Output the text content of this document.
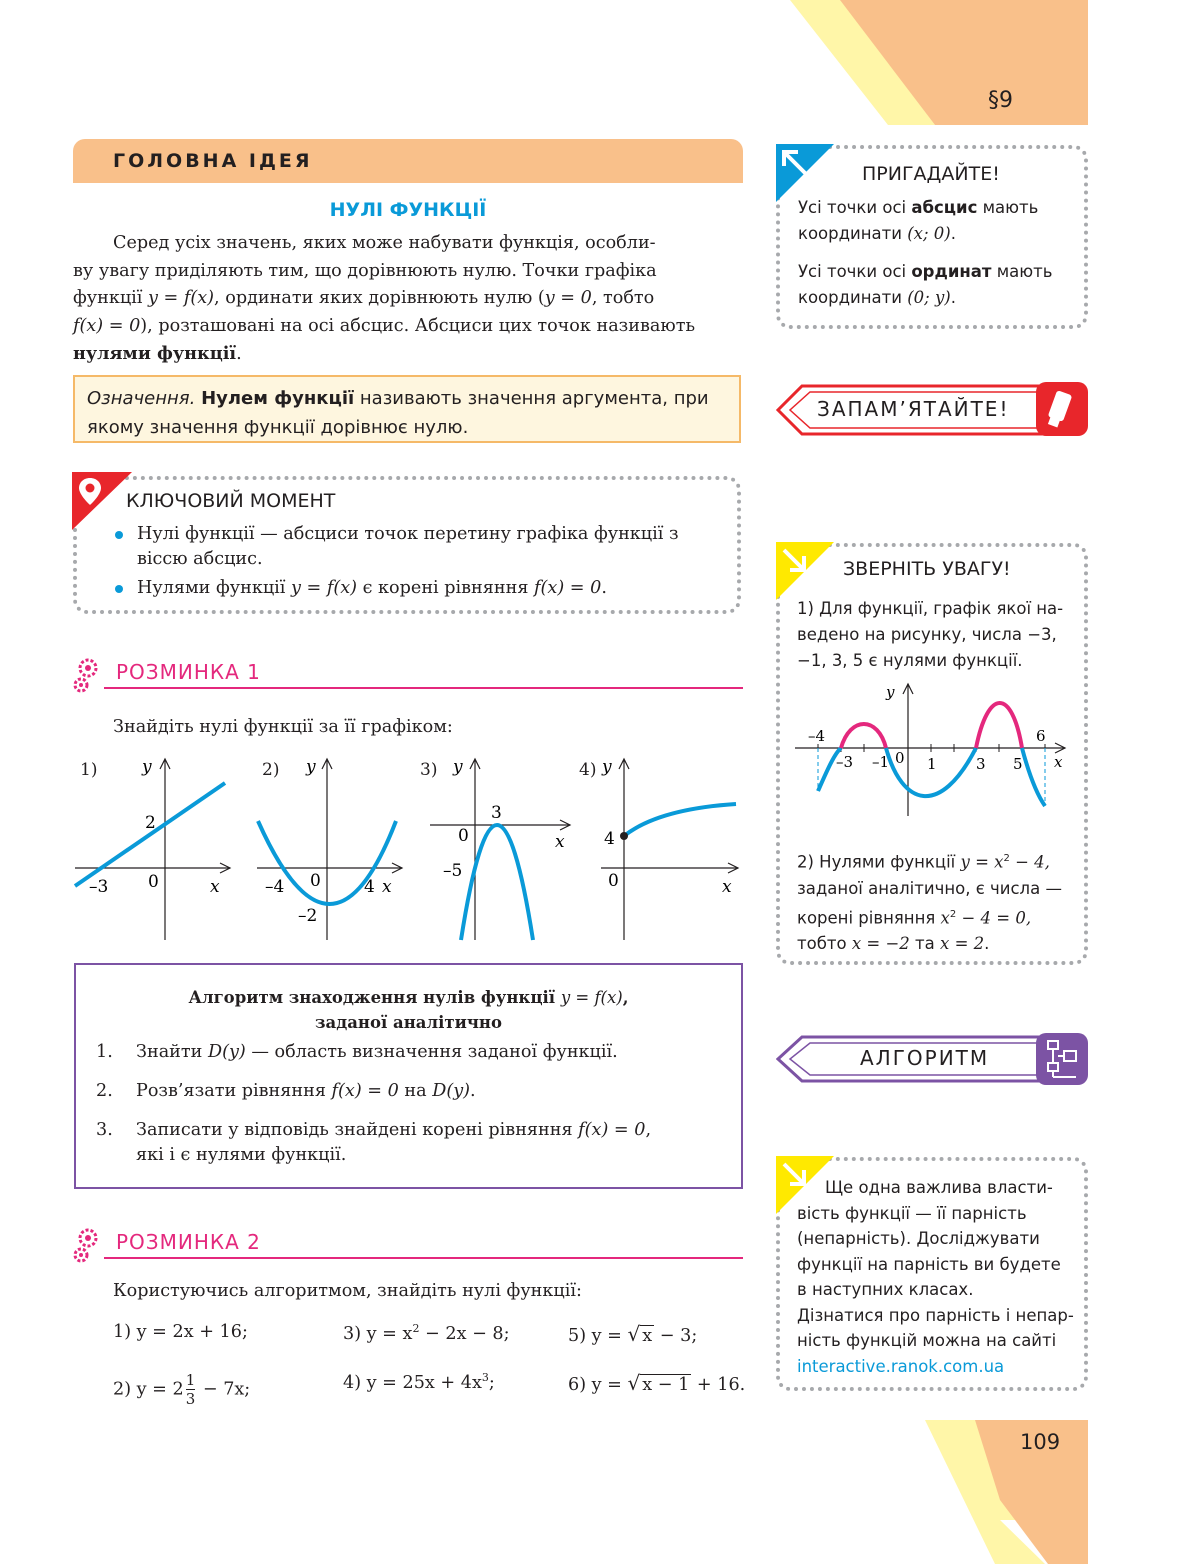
§9
109
ГОЛОВНА ІДЕЯ
НУЛІ ФУНКЦІЇ

Серед усіх значень, яких може набувати функція, особли-

ву увагу приділяють тим, що дорівнюють нулю. Точки графіка

функції y = f(x), ординати яких дорівнюють нулю (y = 0, тобто

f(x) = 0), розташовані на осі абсцис. Абсциси цих точок називають

нулями функції.

Означення. Нулем функції називають значення аргумента, при якому значення функції дорівнює нулю.
КЛЮЧОВИЙ МОМЕНТ
Нулі функції — абсциси точок перетину графіка функції з віссю абсцис.
Нулями функції y = f(x) є корені рівняння f(x) = 0.
РОЗМИНКА 1
Знайдіть нулі функції за її графіком:
1)	y
x
2
–3 0
2) y
x
–4	4
0
–2
3) y
x
0
3
–5
4) y
x
4
0
Алгоритм знаходження нулів функції y = f(x),
заданої аналітично
1. Знайти D(y) — область визначення заданої функції.
2. Розв’язати рівняння f(x) = 0 на D(y).
3. Записати у відповідь знайдені корені рівняння f(x) = 0,
які і є нулями функції.
РОЗМИНКА 2
Користуючись алгоритмом, знайдіть нулі функції:
1) y = 2x + 16;	3) $y = x^2 - 2x - 8$;	5) y = √ x − 3;
2) $y = 2 \frac{1}{3} - 7x$;	4) $y = 25x + 4x^3$;	6) y = √ x − 1 + 16.
ПРИГАДАЙТЕ!
Усі точки осі абсцис мають
координати (x; 0).
Усі точки осі ординат мають
координати (0; y).
ЗАПАМ’ЯТАЙТЕ!
ЗВЕРНІТЬ УВАГУ!
1) Для функції, графік якої на-
ведено на рисунку, числа −3,
−1, 3, 5 є нулями функції.
y
x
–4
–3 –1 0 1	3 5
6
2) Нулями функції $y = x^2 - 4$,
заданої аналітично, є числа —
корені рівняння $x^2 - 4 = 0$,
тобто x = −2 та x = 2.
АЛГОРИТМ
Ще одна важлива власти-
вість функції — її парність
(непарність). Досліджувати
функції на парність ви будете
в наступних класах.
Дізнатися про парність і непар-
ність функцій можна на сайті
interactive.ranok.com.ua
